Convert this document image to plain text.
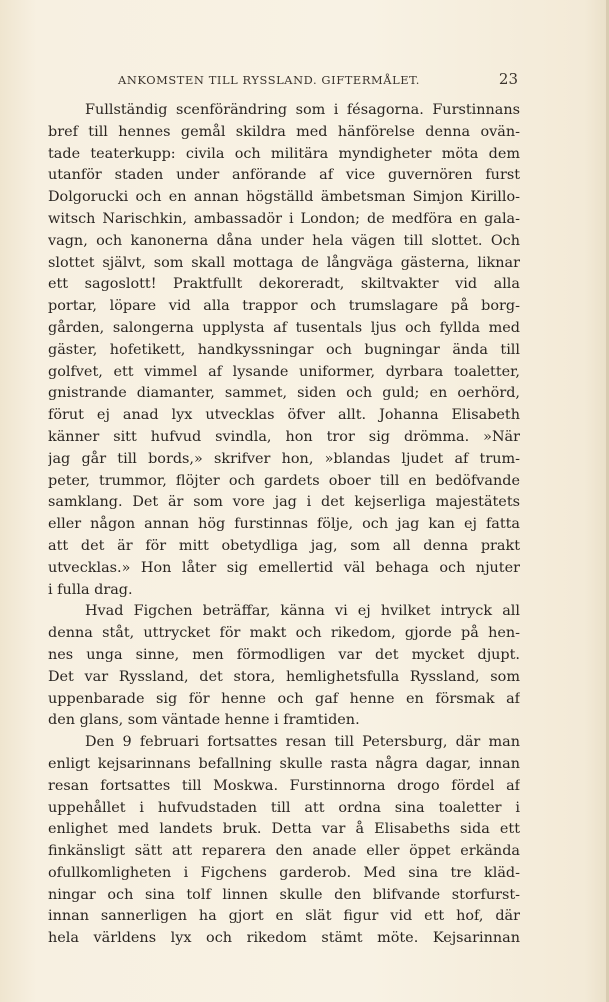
ANKOMSTEN TILL RYSSLAND. GIFTERMÅLET.	23
Fullständig scenförändring som i fésagorna. Furstinnans
bref till hennes gemål skildra med hänförelse denna ovän-
tade teaterkupp: civila och militära myndigheter möta dem
utanför staden under anförande af vice guvernören furst
Dolgorucki och en annan högställd ämbetsman Simjon Kirillo-
witsch Narischkin, ambassadör i London; de medföra en gala-
vagn, och kanonerna dåna under hela vägen till slottet. Och
slottet självt, som skall mottaga de långväga gästerna, liknar
ett sagoslott! Praktfullt dekoreradt, skiltvakter vid alla
portar, löpare vid alla trappor och trumslagare på borg-
gården, salongerna upplysta af tusentals ljus och fyllda med
gäster, hofetikett, handkyssningar och bugningar ända till
golfvet, ett vimmel af lysande uniformer, dyrbara toaletter,
gnistrande diamanter, sammet, siden och guld; en oerhörd,
förut ej anad lyx utvecklas öfver allt. Johanna Elisabeth
känner sitt hufvud svindla, hon tror sig drömma. »När
jag går till bords,» skrifver hon, »blandas ljudet af trum-
peter, trummor, flöjter och gardets oboer till en bedöfvande
samklang. Det är som vore jag i det kejserliga majestätets
eller någon annan hög furstinnas följe, och jag kan ej fatta
att det är för mitt obetydliga jag, som all denna prakt
utvecklas.» Hon låter sig emellertid väl behaga och njuter
i fulla drag.
Hvad Figchen beträffar, känna vi ej hvilket intryck all
denna ståt, uttrycket för makt och rikedom, gjorde på hen-
nes unga sinne, men förmodligen var det mycket djupt.
Det var Ryssland, det stora, hemlighetsfulla Ryssland, som
uppenbarade sig för henne och gaf henne en försmak af
den glans, som väntade henne i framtiden.
Den 9 februari fortsattes resan till Petersburg, där man
enligt kejsarinnans befallning skulle rasta några dagar, innan
resan fortsattes till Moskwa. Furstinnorna drogo fördel af
uppehållet i hufvudstaden till att ordna sina toaletter i
enlighet med landets bruk. Detta var å Elisabeths sida ett
finkänsligt sätt att reparera den anade eller öppet erkända
ofullkomligheten i Figchens garderob. Med sina tre kläd-
ningar och sina tolf linnen skulle den blifvande storfurst-
innan sannerligen ha gjort en slät figur vid ett hof, där
hela världens lyx och rikedom stämt möte. Kejsarinnan
